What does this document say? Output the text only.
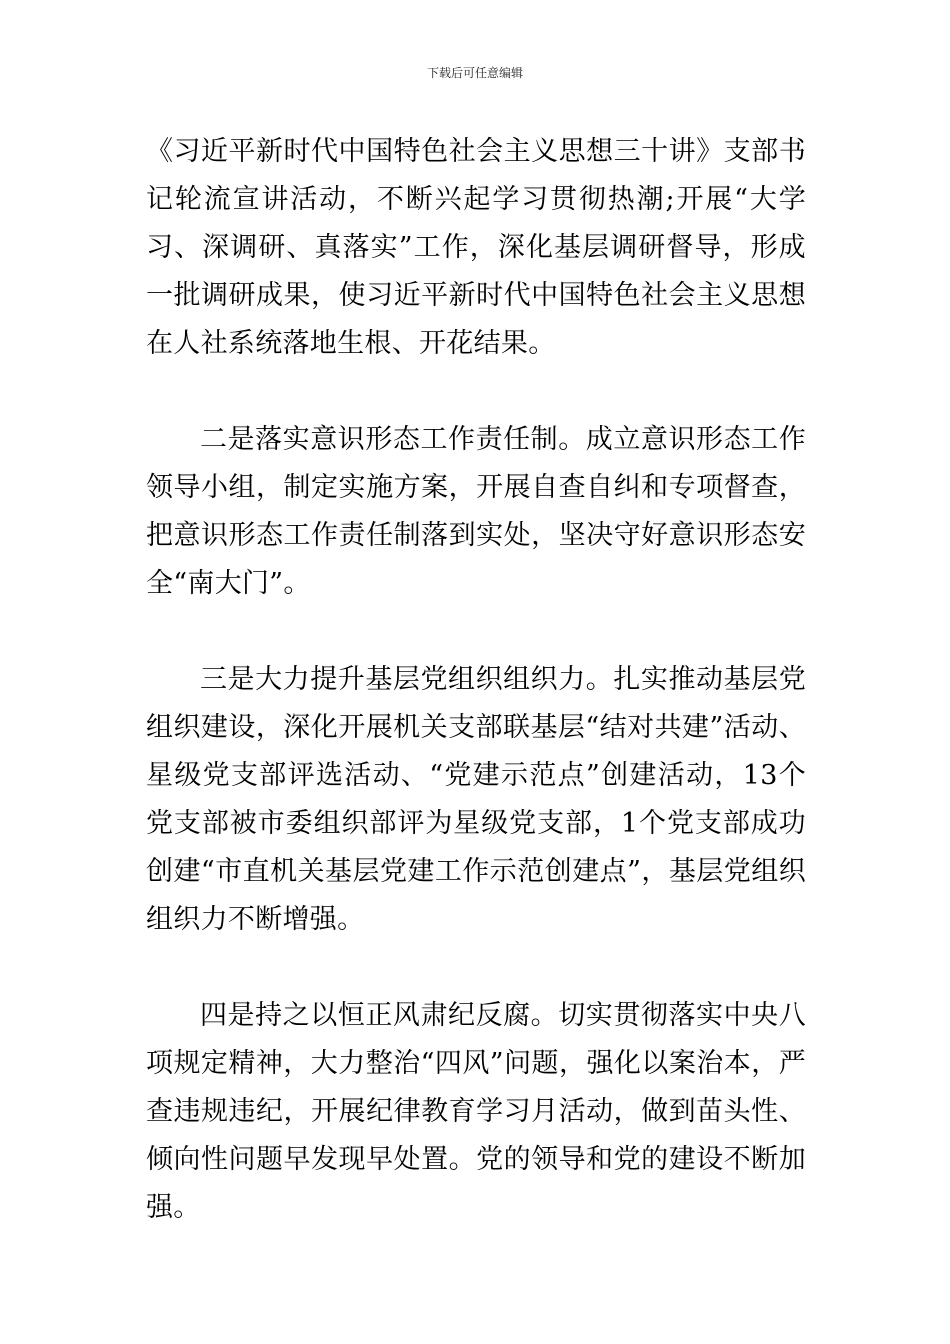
下载后可任意编辑

《习近平新时代中国特色社会主义思想三十讲》支部书记轮流宣讲活动，不断兴起学习贯彻热潮;开展“大学习、深调研、真落实”工作，深化基层调研督导，形成一批调研成果，使习近平新时代中国特色社会主义思想在人社系统落地生根、开花结果。

二是落实意识形态工作责任制。成立意识形态工作领导小组，制定实施方案，开展自查自纠和专项督查，把意识形态工作责任制落到实处，坚决守好意识形态安全“南大门”。

三是大力提升基层党组织组织力。扎实推动基层党组织建设，深化开展机关支部联基层“结对共建”活动、星级党支部评选活动、“党建示范点”创建活动，13个党支部被市委组织部评为星级党支部，1个党支部成功创建“市直机关基层党建工作示范创建点”，基层党组织组织力不断增强。

四是持之以恒正风肃纪反腐。切实贯彻落实中央八项规定精神，大力整治“四风”问题，强化以案治本，严查违规违纪，开展纪律教育学习月活动，做到苗头性、倾向性问题早发现早处置。党的领导和党的建设不断加强。
